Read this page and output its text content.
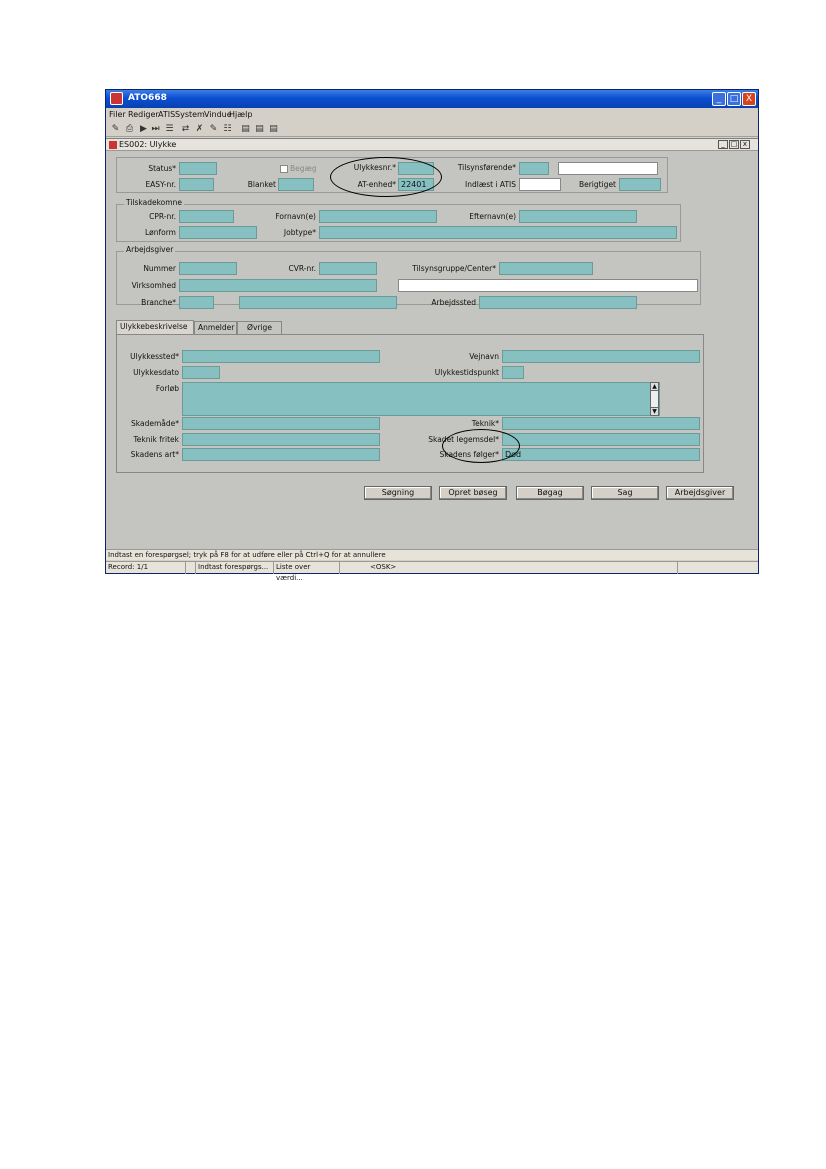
ATO668	_ □ X
Filer Rediger ATIS System Vindue
Hjælp
✎ ⎙ ▶ ⏭ ☰ ⇄ ✗ ✎ ☷ ▤ ▤ ▤
ES002: Ulykke	_ □ x
Status*	Begæg	Ulykkesnr.*	Tilsynsførende*
EASY-nr.	Blanket	AT-enhed* 22401	Indlæst i ATIS	Berigtiget
Tilskadekomne
CPR-nr.	Fornavn(e)	Efternavn(e)
Lønform	Jobtype*
Arbejdsgiver
Nummer	CVR-nr.	Tilsynsgruppe/Center*
Virksomhed
Branche*	Arbejdssted
Ulykkebeskrivelse	Anmelder	Øvrige
Ulykkessted*	Vejnavn
Ulykkesdato	Ulykkestidspunkt
Forløb	▲
▼
Skademåde*	Teknik*
Teknik fritek	Skadet legemsdel*
Skadens art*	Skadens følger* Død
Søgning	Opret bøseg	Bøgag	Sag	Arbejdsgiver
Indtast en forespørgsel; tryk på F8 for at udføre eller på Ctrl+Q for at annullere
Record: 1/1	Indtast forespørgs...	Liste over værdi...
<OSK>
